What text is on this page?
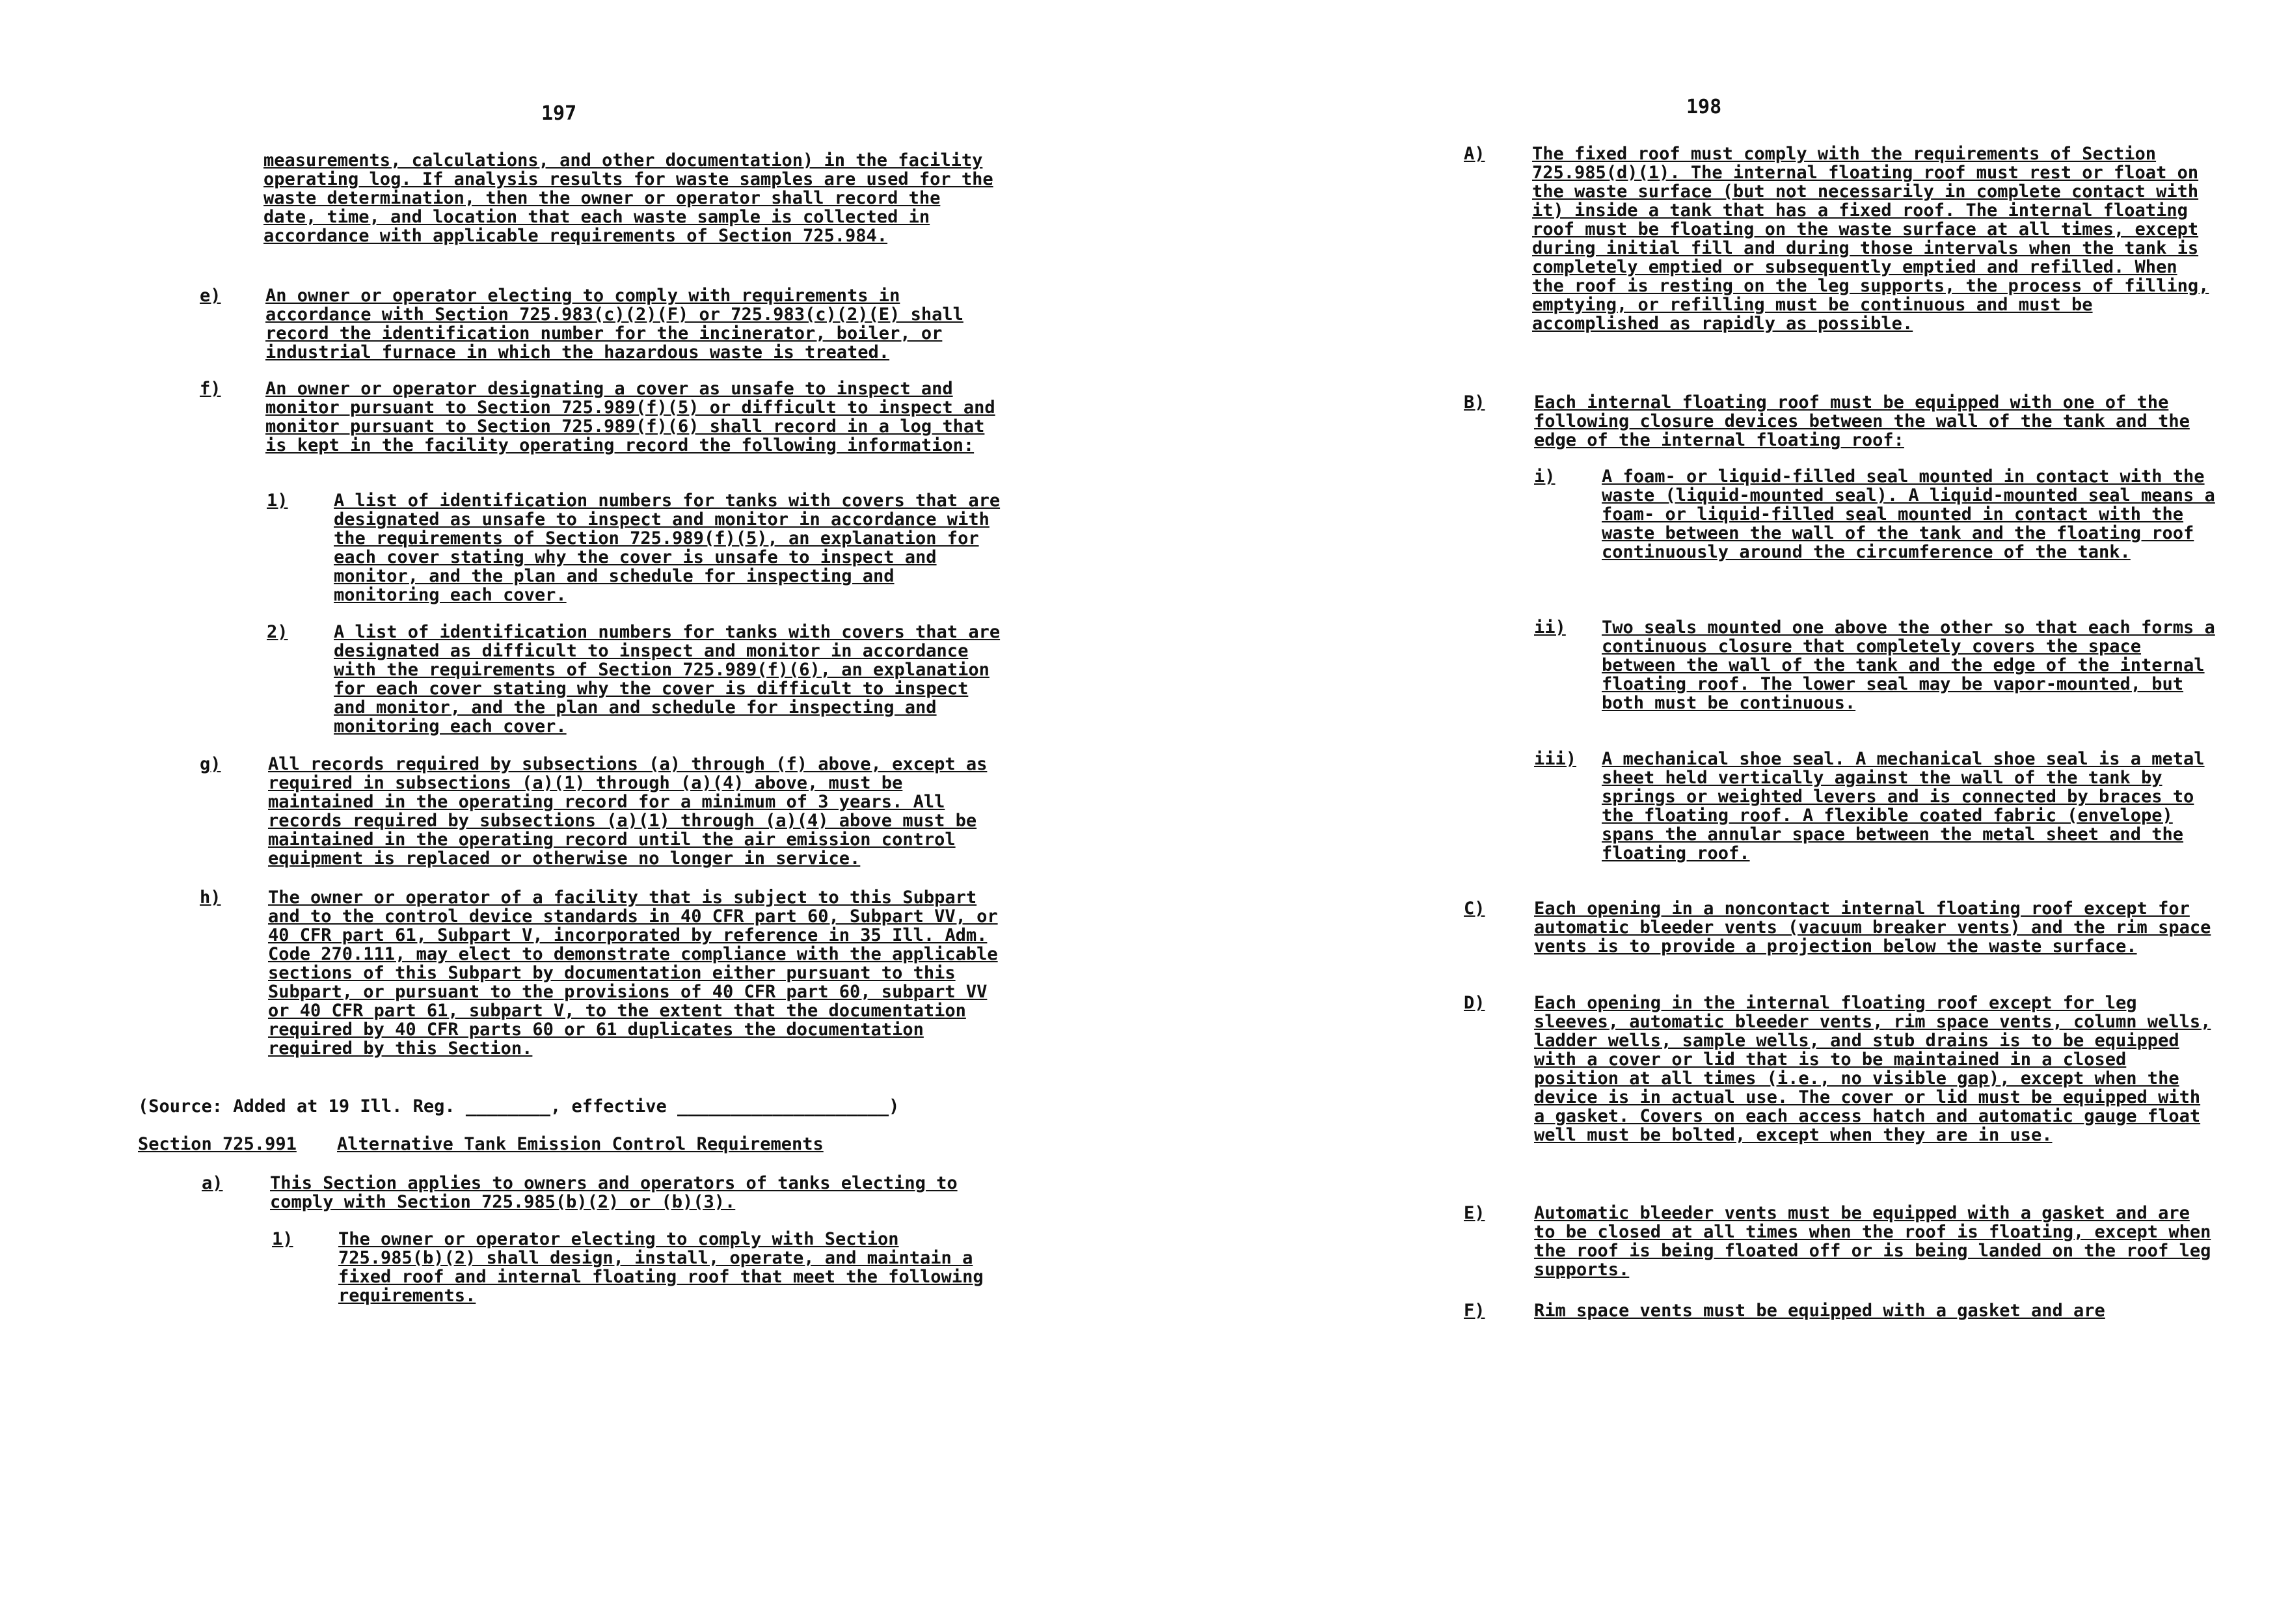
197
measurements, calculations, and other documentation) in the facility operating log. If analysis results for waste samples are used for the waste determination, then the owner or operator shall record the date, time, and location that each waste sample is collected in accordance with applicable requirements of Section 725.984.
e)	An owner or operator electing to comply with requirements in accordance with Section 725.983(c)(2)(F) or 725.983(c)(2)(E) shall record the identification number for the incinerator, boiler, or industrial furnace in which the hazardous waste is treated.
f)	An owner or operator designating a cover as unsafe to inspect and monitor pursuant to Section 725.989(f)(5) or difficult to inspect and monitor pursuant to Section 725.989(f)(6) shall record in a log that is kept in the facility operating record the following information:
1)	A list of identification numbers for tanks with covers that are designated as unsafe to inspect and monitor in accordance with the requirements of Section 725.989(f)(5), an explanation for each cover stating why the cover is unsafe to inspect and monitor, and the plan and schedule for inspecting and monitoring each cover.
2)	A list of identification numbers for tanks with covers that are designated as difficult to inspect and monitor in accordance with the requirements of Section 725.989(f)(6), an explanation for each cover stating why the cover is difficult to inspect and monitor, and the plan and schedule for inspecting and monitoring each cover.
g)	All records required by subsections (a) through (f) above, except as required in subsections (a)(1) through (a)(4) above, must be maintained in the operating record for a minimum of 3 years. All records required by subsections (a)(1) through (a)(4) above must be maintained in the operating record until the air emission control equipment is replaced or otherwise no longer in service.
h)	The owner or operator of a facility that is subject to this Subpart and to the control device standards in 40 CFR part 60, Subpart VV, or 40 CFR part 61, Subpart V, incorporated by reference in 35 Ill. Adm. Code 270.111, may elect to demonstrate compliance with the applicable sections of this Subpart by documentation either pursuant to this Subpart, or pursuant to the provisions of 40 CFR part 60, subpart VV or 40 CFR part 61, subpart V, to the extent that the documentation required by 40 CFR parts 60 or 61 duplicates the documentation required by this Section.
(Source: Added at 19 Ill. Reg. ________, effective ____________________)
Section 725.991 Alternative Tank Emission Control Requirements
a)	This Section applies to owners and operators of tanks electing to comply with Section 725.985(b)(2) or (b)(3).
1)	The owner or operator electing to comply with Section 725.985(b)(2) shall design, install, operate, and maintain a fixed roof and internal floating roof that meet the following requirements.
198
A)	The fixed roof must comply with the requirements of Section 725.985(d)(1). The internal floating roof must rest or float on the waste surface (but not necessarily in complete contact with it) inside a tank that has a fixed roof. The internal floating roof must be floating on the waste surface at all times, except during initial fill and during those intervals when the tank is completely emptied or subsequently emptied and refilled. When the roof is resting on the leg supports, the process of filling, emptying, or refilling must be continuous and must be accomplished as rapidly as possible.
B)	Each internal floating roof must be equipped with one of the following closure devices between the wall of the tank and the edge of the internal floating roof:
i)	A foam- or liquid-filled seal mounted in contact with the waste (liquid-mounted seal). A liquid-mounted seal means a foam- or liquid-filled seal mounted in contact with the waste between the wall of the tank and the floating roof continuously around the circumference of the tank.
ii) Two seals mounted one above the other so that each forms a continuous closure that completely covers the space between the wall of the tank and the edge of the internal floating roof. The lower seal may be vapor-mounted, but both must be continuous.
iii) A mechanical shoe seal. A mechanical shoe seal is a metal sheet held vertically against the wall of the tank by springs or weighted levers and is connected by braces to the floating roof. A flexible coated fabric (envelope) spans the annular space between the metal sheet and the floating roof.
C)	Each opening in a noncontact internal floating roof except for automatic bleeder vents (vacuum breaker vents) and the rim space vents is to provide a projection below the waste surface.
D)	Each opening in the internal floating roof except for leg sleeves, automatic bleeder vents, rim space vents, column wells, ladder wells, sample wells, and stub drains is to be equipped with a cover or lid that is to be maintained in a closed position at all times (i.e., no visible gap), except when the device is in actual use. The cover or lid must be equipped with a gasket. Covers on each access hatch and automatic gauge float well must be bolted, except when they are in use.
E)	Automatic bleeder vents must be equipped with a gasket and are to be closed at all times when the roof is floating, except when the roof is being floated off or is being landed on the roof leg supports.
F)	Rim space vents must be equipped with a gasket and are
